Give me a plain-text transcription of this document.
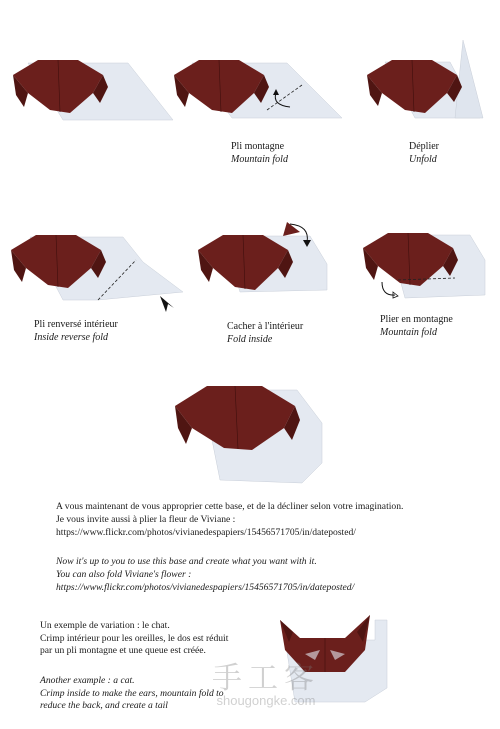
Pli montagne
Mountain fold
Déplier
Unfold
Pli renversé intérieur
Inside reverse fold
Cacher à l'intérieur
Fold inside
Plier en montagne
Mountain fold
A vous maintenant de vous approprier cette base, et de la décliner selon votre imagination.
Je vous invite aussi à plier la fleur de Viviane :
https://www.flickr.com/photos/vivianedespapiers/15456571705/in/dateposted/
Now it's up to you to use this base and create what you want with it.
You can also fold Viviane's flower :
https://www.flickr.com/photos/vivianedespapiers/15456571705/in/dateposted/
Un exemple de variation : le chat.
Crimp intérieur pour les oreilles, le dos est réduit
par un pli montagne et une queue est créée.
Another example : a cat.
Crimp inside to make the ears, mountain fold to
reduce the back, and create a tail
手工客
shougongke.com
